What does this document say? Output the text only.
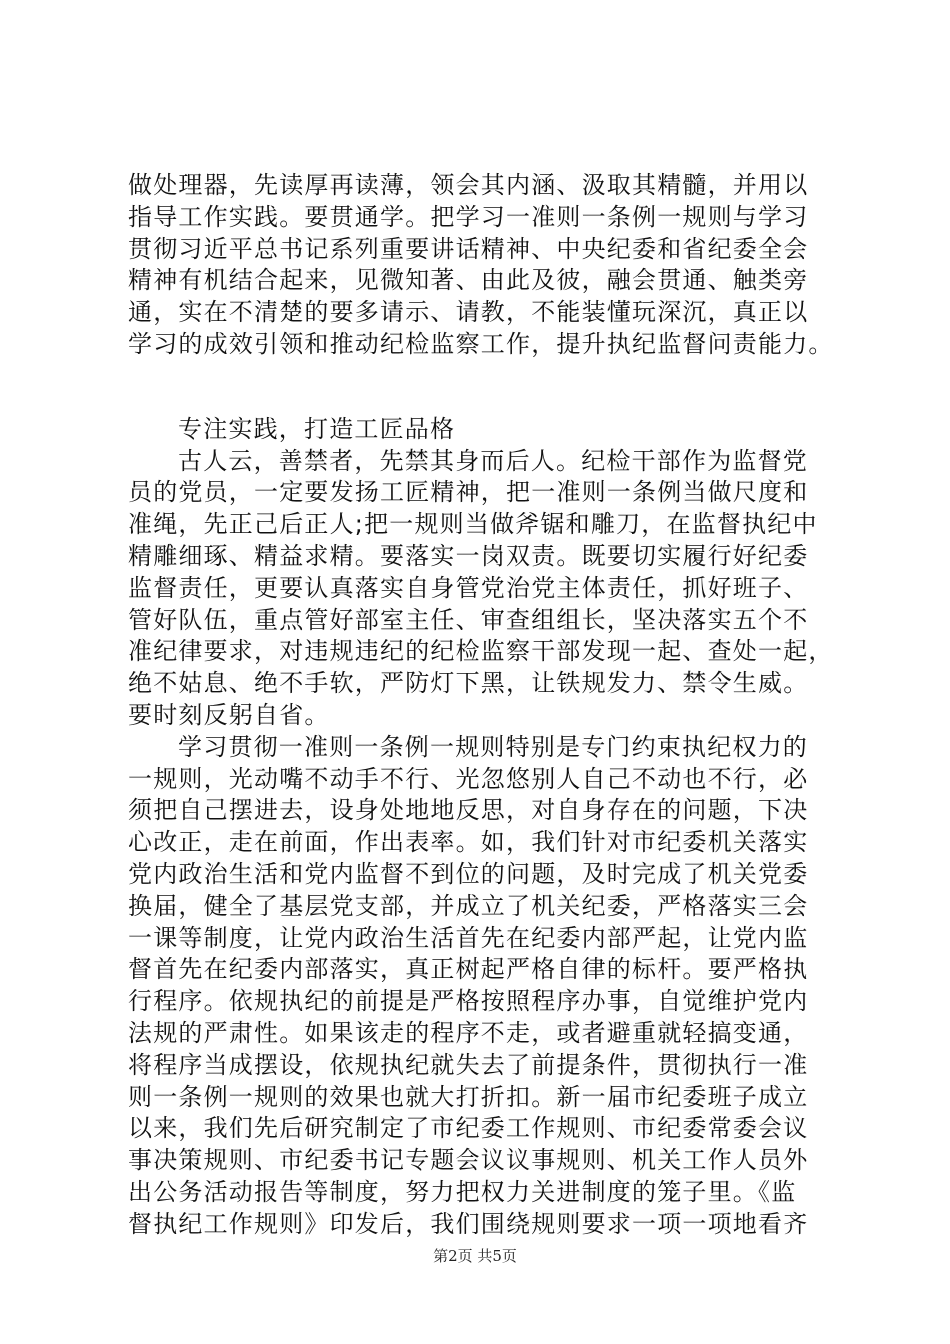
做处理器，先读厚再读薄，领会其内涵、汲取其精髓，并用以
指导工作实践。要贯通学。把学习一准则一条例一规则与学习
贯彻习近平总书记系列重要讲话精神、中央纪委和省纪委全会
精神有机结合起来，见微知著、由此及彼，融会贯通、触类旁
通，实在不清楚的要多请示、请教，不能装懂玩深沉，真正以
学习的成效引领和推动纪检监察工作，提升执纪监督问责能力。
专注实践，打造工匠品格
古人云，善禁者，先禁其身而后人。纪检干部作为监督党
员的党员，一定要发扬工匠精神，把一准则一条例当做尺度和
准绳，先正己后正人;把一规则当做斧锯和雕刀，在监督执纪中
精雕细琢、精益求精。要落实一岗双责。既要切实履行好纪委
监督责任，更要认真落实自身管党治党主体责任，抓好班子、
管好队伍，重点管好部室主任、审查组组长，坚决落实五个不
准纪律要求，对违规违纪的纪检监察干部发现一起、查处一起，
绝不姑息、绝不手软，严防灯下黑，让铁规发力、禁令生威。
要时刻反躬自省。
学习贯彻一准则一条例一规则特别是专门约束执纪权力的
一规则，光动嘴不动手不行、光忽悠别人自己不动也不行，必
须把自己摆进去，设身处地地反思，对自身存在的问题，下决
心改正，走在前面，作出表率。如，我们针对市纪委机关落实
党内政治生活和党内监督不到位的问题，及时完成了机关党委
换届，健全了基层党支部，并成立了机关纪委，严格落实三会
一课等制度，让党内政治生活首先在纪委内部严起，让党内监
督首先在纪委内部落实，真正树起严格自律的标杆。要严格执
行程序。依规执纪的前提是严格按照程序办事，自觉维护党内
法规的严肃性。如果该走的程序不走，或者避重就轻搞变通，
将程序当成摆设，依规执纪就失去了前提条件，贯彻执行一准
则一条例一规则的效果也就大打折扣。新一届市纪委班子成立
以来，我们先后研究制定了市纪委工作规则、市纪委常委会议
事决策规则、市纪委书记专题会议议事规则、机关工作人员外
出公务活动报告等制度，努力把权力关进制度的笼子里。《监
督执纪工作规则》印发后，我们围绕规则要求一项一项地看齐
第2页 共5页
